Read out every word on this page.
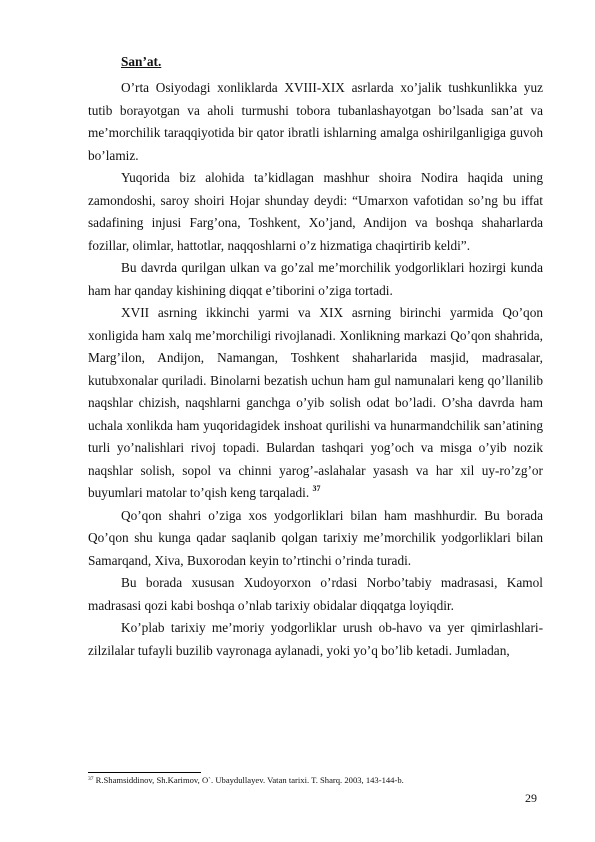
San’at.

O’rta Osiyodagi xonliklarda XVIII-XIX asrlarda xo’jalik tushkunlikka yuz tutib borayotgan va aholi turmushi tobora tubanlashayotgan bo’lsada san’at va me’morchilik taraqqiyotida bir qator ibratli ishlarning amalga oshirilganligiga guvoh bo’lamiz.

Yuqorida biz alohida ta’kidlagan mashhur shoira Nodira haqida uning zamondoshi, saroy shoiri Hojar shunday deydi: “Umarxon vafotidan so’ng bu iffat sadafining injusi Farg’ona, Toshkent, Xo’jand, Andijon va boshqa shaharlarda fozillar, olimlar, hattotlar, naqqoshlarni o’z hizmatiga chaqirtirib keldi”.

Bu davrda qurilgan ulkan va go’zal me’morchilik yodgorliklari hozirgi kunda ham har qanday kishining diqqat e’tiborini o’ziga tortadi.

XVII asrning ikkinchi yarmi va XIX asrning birinchi yarmida Qo’qon xonligida ham xalq me’morchiligi rivojlanadi. Xonlikning markazi Qo’qon shahrida, Marg’ilon, Andijon, Namangan, Toshkent shaharlarida masjid, madrasalar, kutubxonalar quriladi. Binolarni bezatish uchun ham gul namunalari keng qo’llanilib naqshlar chizish, naqshlarni ganchga o’yib solish odat bo’ladi. O’sha davrda ham uchala xonlikda ham yuqoridagidek inshoat qurilishi va hunarmandchilik san’atining turli yo’nalishlari rivoj topadi. Bulardan tashqari yog’och va misga o’yib nozik naqshlar solish, sopol va chinni yarog’-aslahalar yasash va har xil uy-ro’zg’or buyumlari matolar to’qish keng tarqaladi. $^{37}$

Qo’qon shahri o’ziga xos yodgorliklari bilan ham mashhurdir. Bu borada Qo’qon shu kunga qadar saqlanib qolgan tarixiy me’morchilik yodgorliklari bilan Samarqand, Xiva, Buxorodan keyin to’rtinchi o’rinda turadi.

Bu borada xususan Xudoyorxon o’rdasi Norbo’tabiy madrasasi, Kamol madrasasi qozi kabi boshqa o’nlab tarixiy obidalar diqqatga loyiqdir.

Ko’plab tarixiy me’moriy yodgorliklar urush ob-havo va yer qimirlashlari-zilzilalar tufayli buzilib vayronaga aylanadi, yoki yo’q bo’lib ketadi. Jumladan,

$^{37}$ R.Shamsiddinov, Sh.Karimov, O`. Ubaydullayev. Vatan tarixi. T. Sharq. 2003, 143-144-b.
29
